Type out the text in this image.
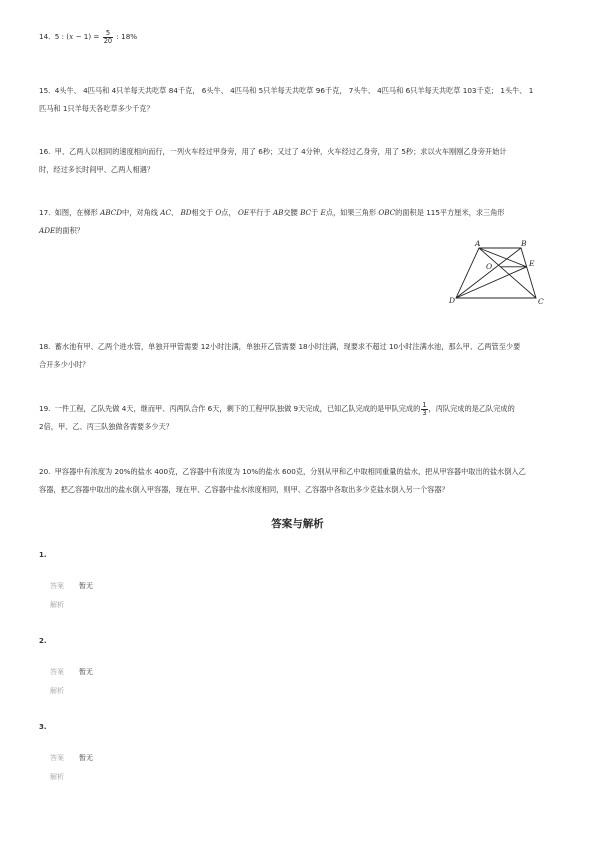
14. 5 : $(x - 1) = \frac{5}{20}$ : 18%
15. 4头牛、 4匹马和 4只羊每天共吃草 84千克， 6头牛、 4匹马和 5只羊每天共吃草 96千克， 7头牛、 4匹马和 6只羊每天共吃草 103千克； 1头牛、 1
匹马和 1只羊每天各吃草多少千克？
16. 甲、乙两人以相同的速度相向而行，一列火车经过甲身旁，用了 6秒；又过了 4分钟，火车经过乙身旁，用了 5秒；求以火车刚刚乙身旁开始计
时，经过多长时间甲、乙两人相遇？
17. 如图，在梯形 ABCD中，对角线 AC、 BD相交于 O点， OE平行于 AB交腰 BC于 E点，如果三角形 OBC的面积是 115平方厘米，求三角形
ADE的面积？
A	B
O	E
D	C
18. 蓄水池有甲、乙两个进水管，单独开甲管需要 12小时注满，单独开乙管需要 18小时注满，现要求不超过 10小时注满水池，那么甲、乙两管至少要
合开多少小时？
19. 一件工程，乙队先做 4天，继而甲、丙两队合作 6天，剩下的工程甲队独做 9天完成，已知乙队完成的是甲队完成的 $\frac{1}{3}$ ，丙队完成的是乙队完成的
2倍，甲、乙、丙三队独做各需要多少天？
20. 甲容器中有浓度为 20%的盐水 400克，乙容器中有浓度为 10%的盐水 600克，分别从甲和乙中取相同重量的盐水，把从甲容器中取出的盐水倒入乙
容器，把乙容器中取出的盐水倒入甲容器，现在甲、乙容器中盐水浓度相同，则甲、乙容器中各取出多少克盐水倒入另一个容器？
答案与解析
1.
答案 暂无
解析
2.
答案 暂无
解析
3.
答案 暂无
解析
